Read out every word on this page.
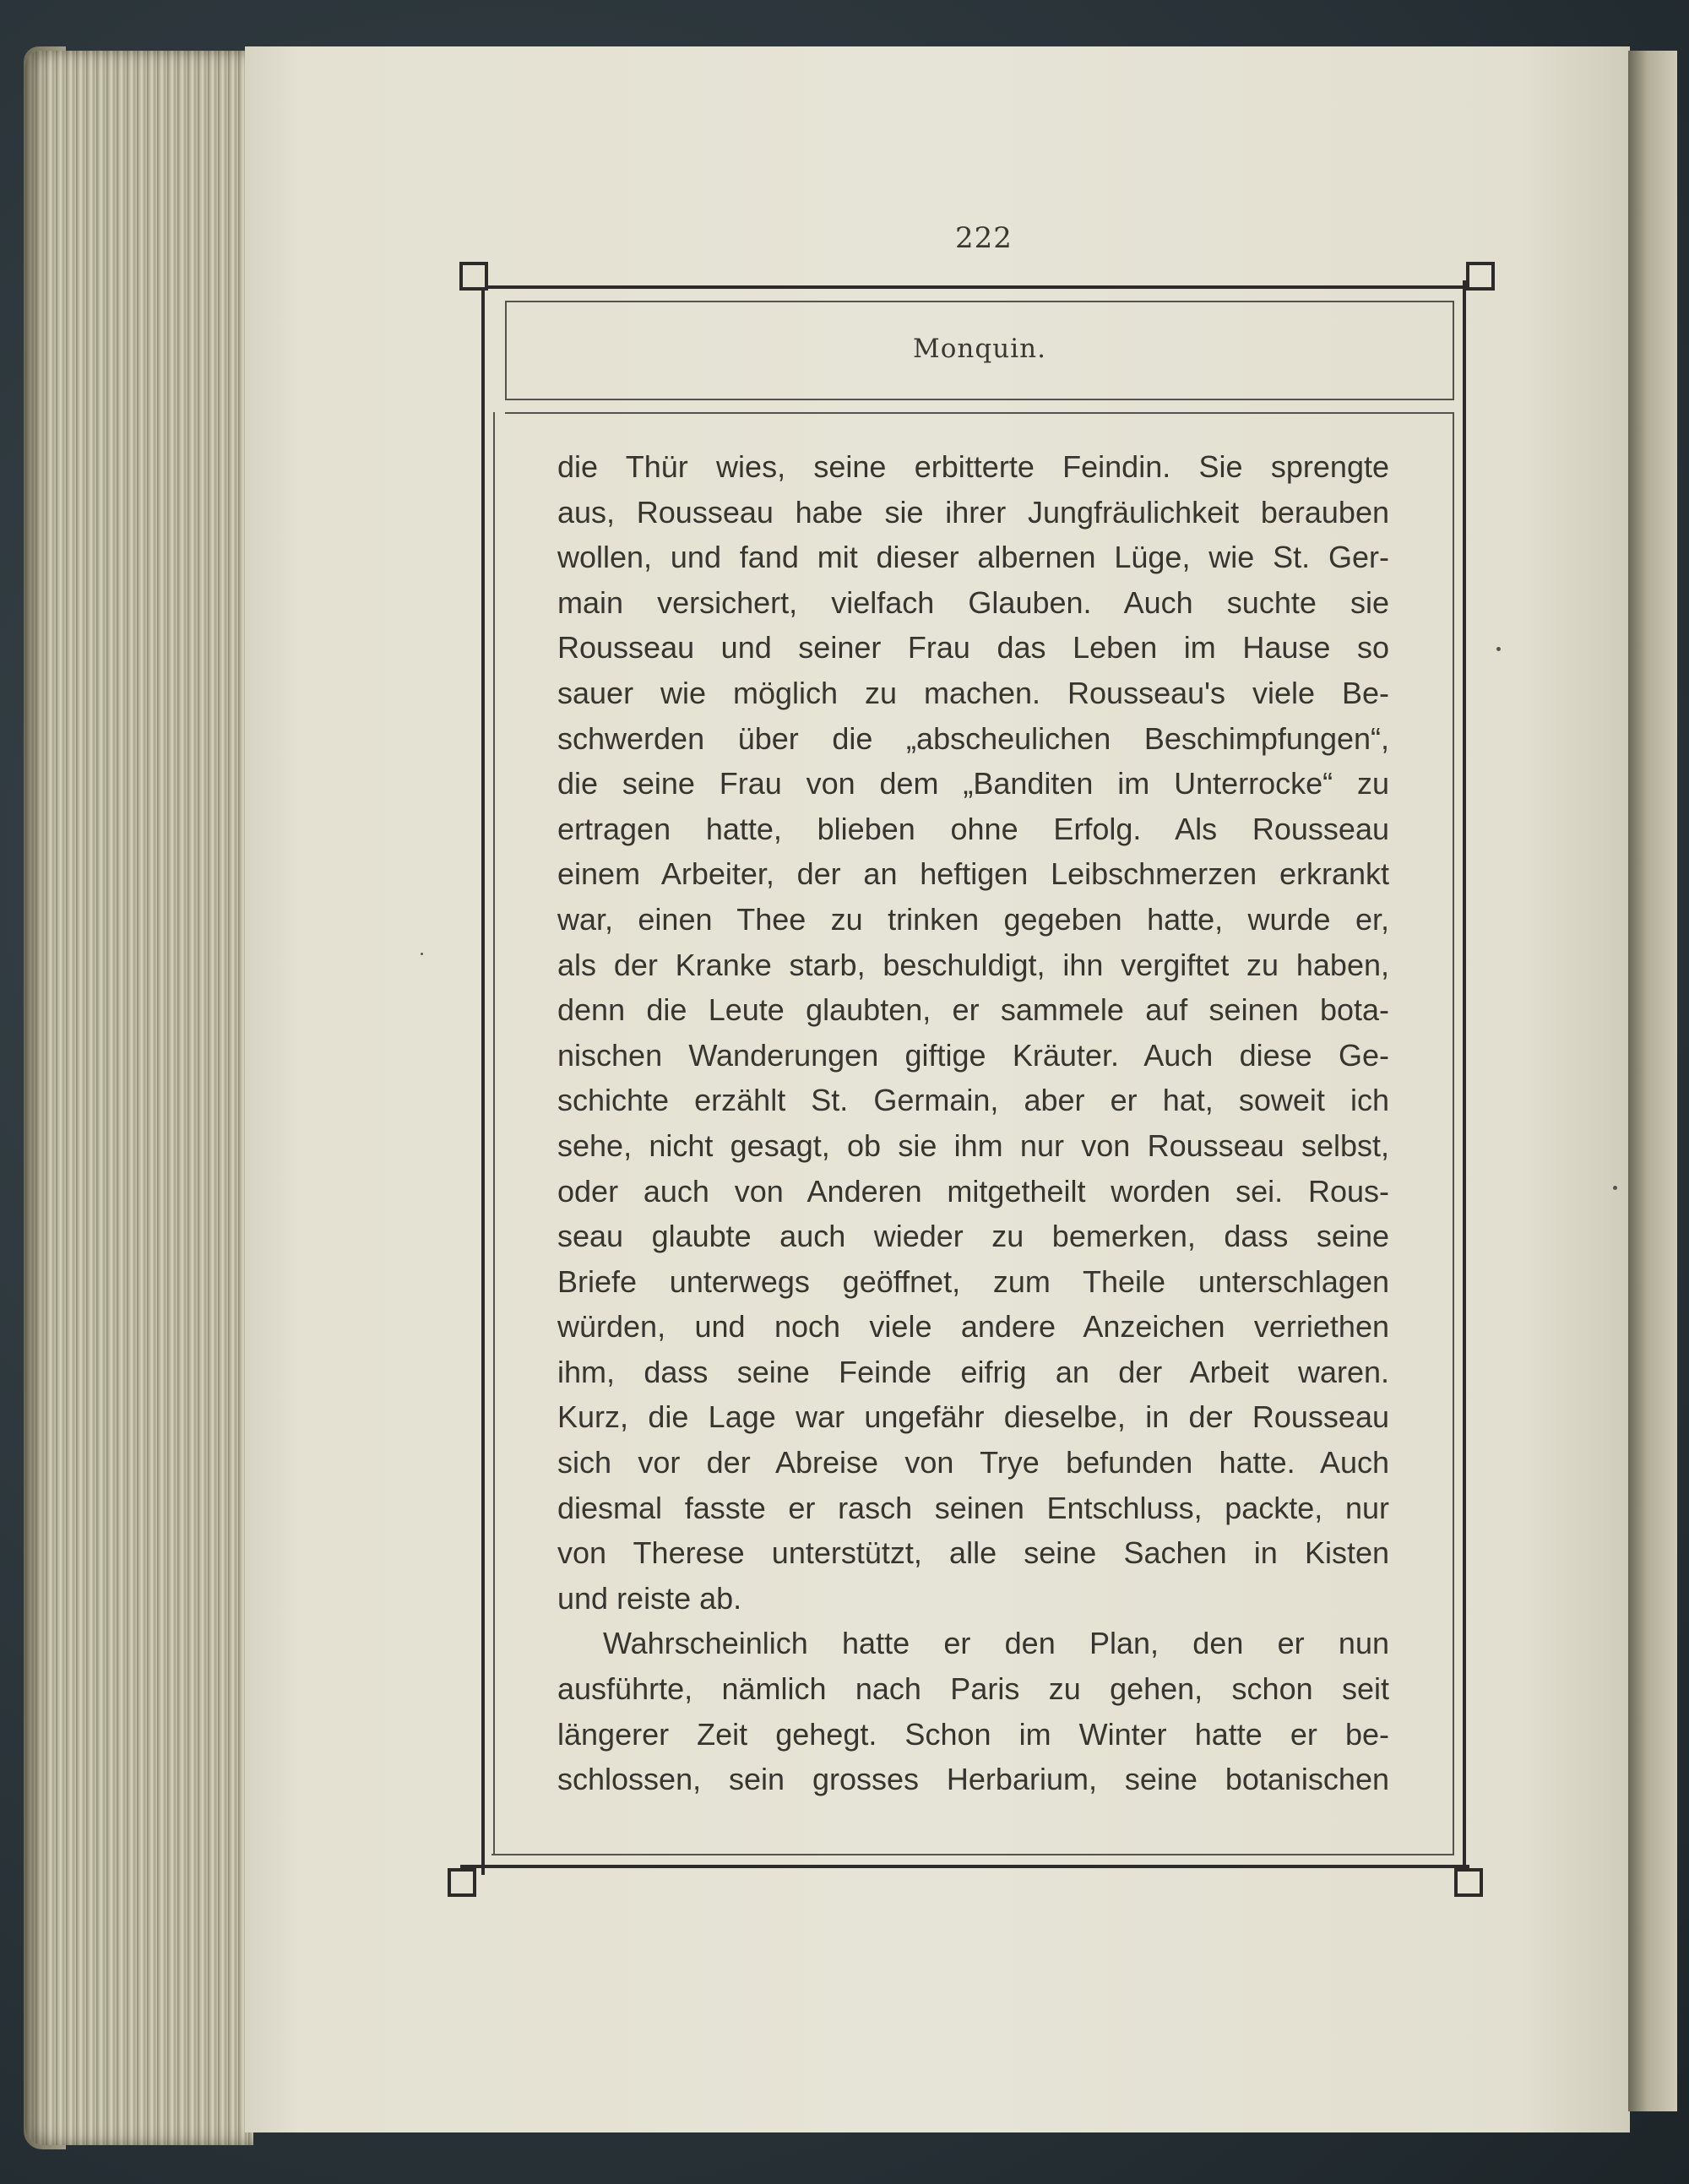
222
Monquin.
die Thür wies, seine erbitterte Feindin. Sie sprengte
aus, Rousseau habe sie ihrer Jungfräulichkeit berauben
wollen, und fand mit dieser albernen Lüge, wie St. Ger-
main versichert, vielfach Glauben. Auch suchte sie
Rousseau und seiner Frau das Leben im Hause so
sauer wie möglich zu machen. Rousseau's viele Be-
schwerden über die „abscheulichen Beschimpfungen“,
die seine Frau von dem „Banditen im Unterrocke“ zu
ertragen hatte, blieben ohne Erfolg. Als Rousseau
einem Arbeiter, der an heftigen Leibschmerzen erkrankt
war, einen Thee zu trinken gegeben hatte, wurde er,
als der Kranke starb, beschuldigt, ihn vergiftet zu haben,
denn die Leute glaubten, er sammele auf seinen bota-
nischen Wanderungen giftige Kräuter. Auch diese Ge-
schichte erzählt St. Germain, aber er hat, soweit ich
sehe, nicht gesagt, ob sie ihm nur von Rousseau selbst,
oder auch von Anderen mitgetheilt worden sei. Rous-
seau glaubte auch wieder zu bemerken, dass seine
Briefe unterwegs geöffnet, zum Theile unterschlagen
würden, und noch viele andere Anzeichen verriethen
ihm, dass seine Feinde eifrig an der Arbeit waren.
Kurz, die Lage war ungefähr dieselbe, in der Rousseau
sich vor der Abreise von Trye befunden hatte. Auch
diesmal fasste er rasch seinen Entschluss, packte, nur
von Therese unterstützt, alle seine Sachen in Kisten
und reiste ab.
Wahrscheinlich hatte er den Plan, den er nun
ausführte, nämlich nach Paris zu gehen, schon seit
längerer Zeit gehegt. Schon im Winter hatte er be-
schlossen, sein grosses Herbarium, seine botanischen
